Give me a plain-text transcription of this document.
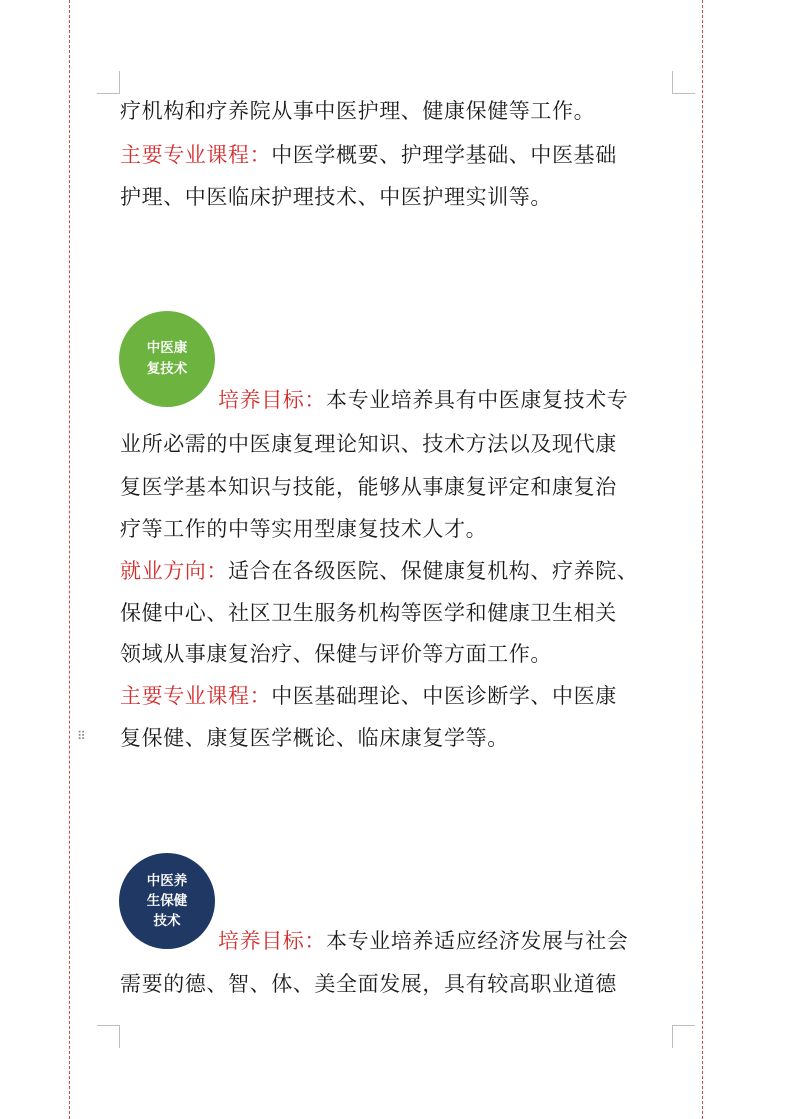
⠿

疗机构和疗养院从事中医护理、健康保健等工作。

主要专业课程：中医学概要、护理学基础、中医基础

护理、中医临床护理技术、中医护理实训等。

中医康
复技术

培养目标：本专业培养具有中医康复技术专

业所必需的中医康复理论知识、技术方法以及现代康

复医学基本知识与技能，能够从事康复评定和康复治

疗等工作的中等实用型康复技术人才。

就业方向：适合在各级医院、保健康复机构、疗养院、

保健中心、社区卫生服务机构等医学和健康卫生相关

领域从事康复治疗、保健与评价等方面工作。

主要专业课程：中医基础理论、中医诊断学、中医康

复保健、康复医学概论、临床康复学等。

中医养
生保健
技术

培养目标：本专业培养适应经济发展与社会

需要的德、智、体、美全面发展，具有较高职业道德
